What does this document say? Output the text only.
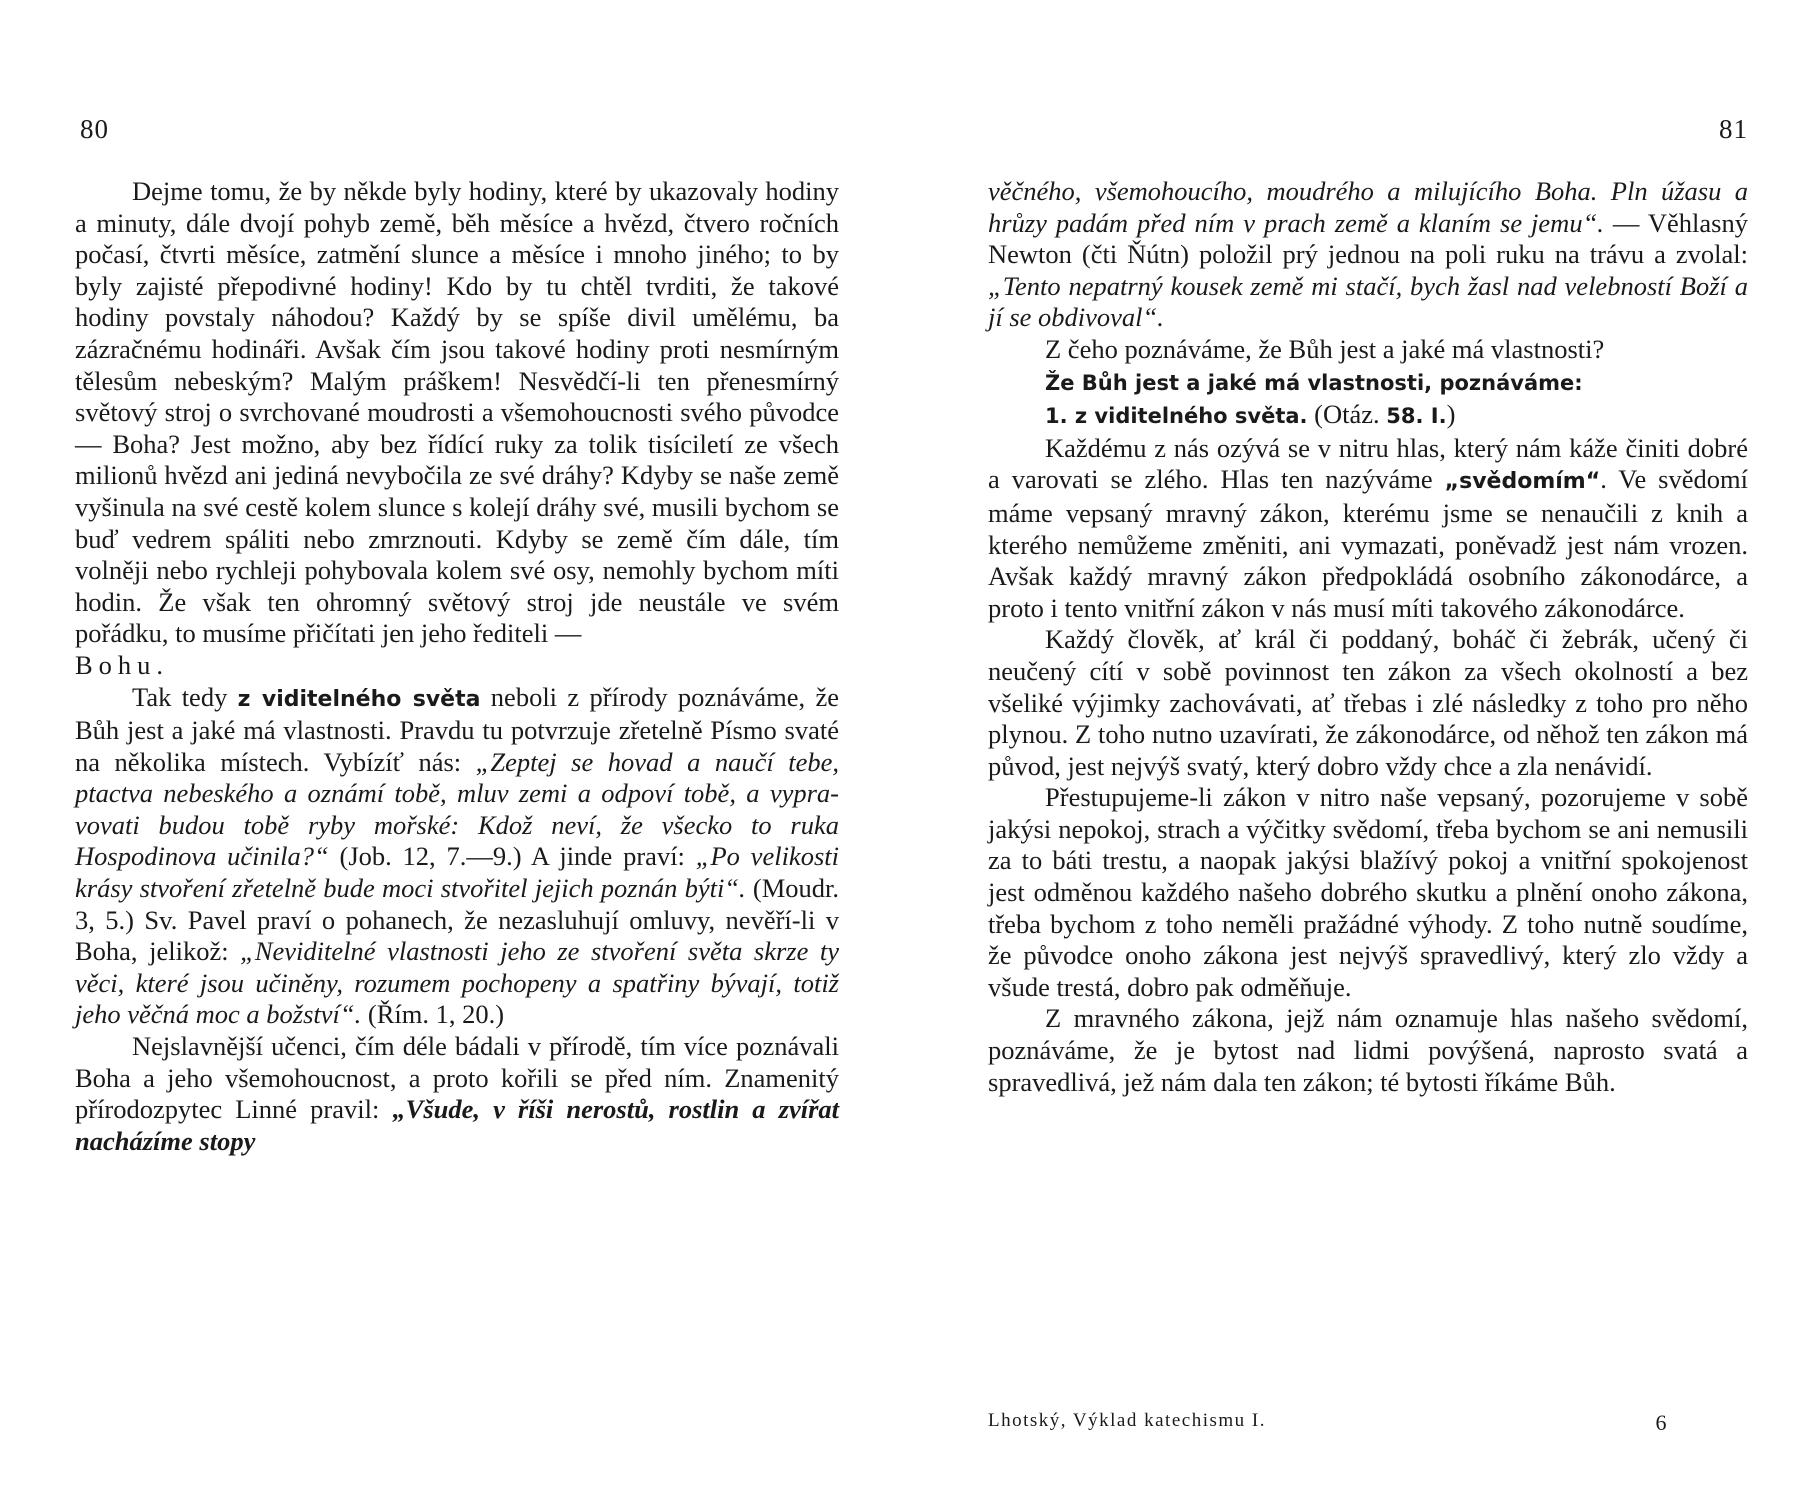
80

Dejme tomu, že by někde byly hodiny, které by ukazovaly hodiny a minuty, dále dvojí pohyb země, běh měsíce a hvězd, čtvero ročních počasí, čtvrti měsíce, zatmění slunce a měsíce i mnoho jiného; to by byly zajisté přepodivné hodiny! Kdo by tu chtěl tvrditi, že takové hodiny povstaly náhodou? Každý by se spíše divil umělému, ba zázračnému hodináři. Avšak čím jsou takové hodiny proti nesmírným tělesům nebeským? Malým práškem! Nesvědčí-li ten přenesmírný světový stroj o svrchované moudrosti a všemohoucnosti svého původce — Boha? Jest možno, aby bez řídící ruky za tolik tisíciletí ze všech milionů hvězd ani jediná nevybočila ze své dráhy? Kdyby se naše země vyšinula na své cestě kolem slunce s kolejí dráhy své, musili bychom se buď vedrem spáliti nebo zmrznouti. Kdyby se země čím dále, tím volněji nebo rychleji pohybovala kolem své osy, nemohly bychom míti hodin. Že však ten ohromný světový stroj jde neustále ve svém pořádku, to musíme přičítati jen jeho řediteli —
Bohu.

Tak tedy z viditelného světa neboli z přírody poznáváme, že Bůh jest a jaké má vlastnosti. Pravdu tu potvrzuje zřetelně Písmo svaté na několika místech. Vybízíť nás: „Zeptej se hovad a naučí tebe, ptactva nebeského a oznámí tobě, mluv zemi a odpoví tobě, a vypravovati budou tobě ryby mořské: Kdož neví, že všecko to ruka Hospodinova učinila?“ (Job. 12, 7.—9.) A jinde praví: „Po velikosti krásy stvoření zřetelně bude moci stvořitel jejich poznán býti“. (Moudr. 3, 5.) Sv. Pavel praví o pohanech, že nezasluhují omluvy, nevěří-li v Boha, jelikož: „Neviditelné vlastnosti jeho ze stvoření světa skrze ty věci, které jsou učiněny, rozumem pochopeny a spatřiny bývají, totiž jeho věčná moc a božství“. (Řím. 1, 20.)

Nejslavnější učenci, čím déle bádali v přírodě, tím více poznávali Boha a jeho všemohoucnost, a proto kořili se před ním. Znamenitý přírodozpytec Linné pravil: „Všude, v říši nerostů, rostlin a zvířat nacházíme stopy

81

věčného, všemohoucího, moudrého a milujícího Boha. Pln úžasu a hrůzy padám před ním v prach země a klaním se jemu“. — Věhlasný Newton (čti Ňútn) položil prý jednou na poli ruku na trávu a zvolal: „Tento nepatrný kousek země mi stačí, bych žasl nad velebností Boží a jí se obdivoval“.

Z čeho poznáváme, že Bůh jest a jaké má vlastnosti?

Že Bůh jest a jaké má vlastnosti, poznáváme:

1. z viditelného světa. (Otáz. 58. I.)

Každému z nás ozývá se v nitru hlas, který nám káže činiti dobré a varovati se zlého. Hlas ten nazýváme „svědomím“. Ve svědomí máme vepsaný mravný zákon, kterému jsme se nenaučili z knih a kterého nemůžeme změniti, ani vymazati, poněvadž jest nám vrozen. Avšak každý mravný zákon předpokládá osobního zákonodárce, a proto i tento vnitřní zákon v nás musí míti takového zákonodárce.

Každý člověk, ať král či poddaný, boháč či žebrák, učený či neučený cítí v sobě povinnost ten zákon za všech okolností a bez všeliké výjimky zachovávati, ať třebas i zlé následky z toho pro něho plynou. Z toho nutno uzavírati, že zákonodárce, od něhož ten zákon má původ, jest nejvýš svatý, který dobro vždy chce a zla nenávidí.

Přestupujeme-li zákon v nitro naše vepsaný, pozorujeme v sobě jakýsi nepokoj, strach a výčitky svědomí, třeba bychom se ani nemusili za to báti trestu, a naopak jakýsi blažívý pokoj a vnitřní spokojenost jest odměnou každého našeho dobrého skutku a plnění onoho zákona, třeba bychom z toho neměli pražádné výhody. Z toho nutně soudíme, že původce onoho zákona jest nejvýš spravedlivý, který zlo vždy a všude trestá, dobro pak odměňuje.

Z mravného zákona, jejž nám oznamuje hlas našeho svědomí, poznáváme, že je bytost nad lidmi povýšená, naprosto svatá a spravedlivá, jež nám dala ten zákon; té bytosti říkáme Bůh.

Lhotský, Výklad katechismu I.	6
